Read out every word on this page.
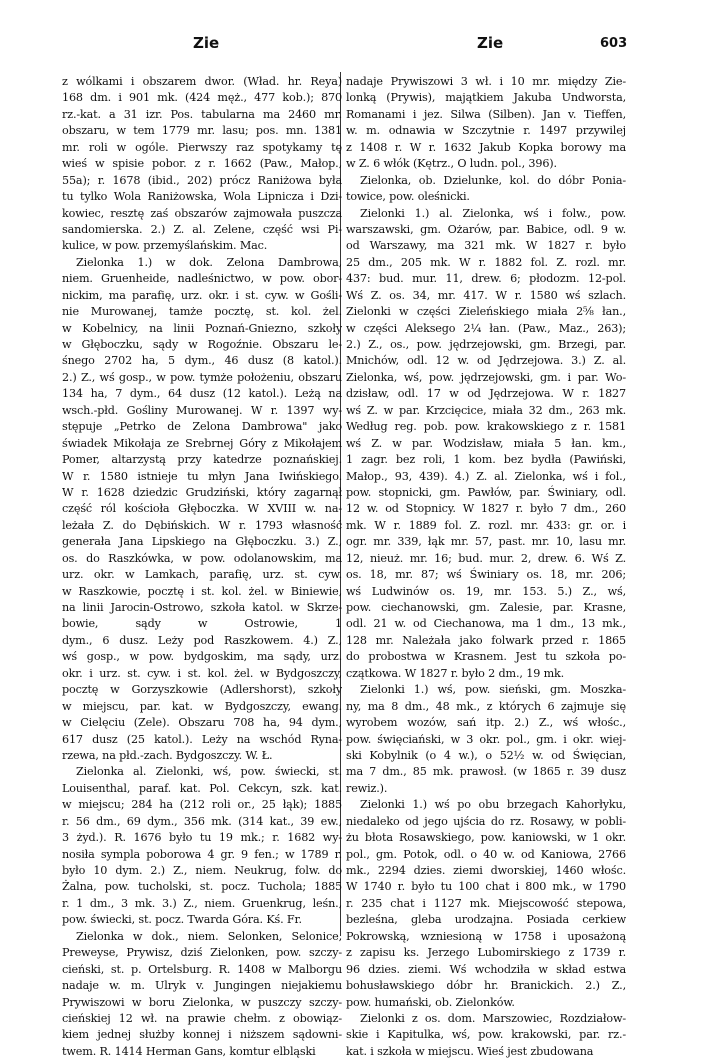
Zie	Zie	603
z wólkami i obszarem dwor. (Wład. hr. Reya)
168 dm. i 901 mk. (424 męż., 477 kob.); 870
rz.-kat. a 31 izr. Pos. tabularna ma 2460 mr.
obszaru, w tem 1779 mr. lasu; pos. mn. 1381
mr. roli w ogóle. Pierwszy raz spotykamy tę
wieś w spisie pobor. z r. 1662 (Paw., Małop.,
55a); r. 1678 (ibid., 202) prócz Raniżowa była
tu tylko Wola Raniżowska, Wola Lipnicza i Dzi-
kowiec, resztę zaś obszarów zajmowała puszcza
sandomierska. 2.) Z. al. Zelene, część wsi Pi-
kulice, w pow. przemyślańskim. Mac.
Zielonka 1.) w dok. Zelona Dambrowa,
niem. Gruenheide, nadleśnictwo, w pow. obor-
nickim, ma parafię, urz. okr. i st. cyw. w Gośli-
nie Murowanej, tamże pocztę, st. kol. żel.
w Kobelnicy, na linii Poznań-Gniezno, szkoły
w Głęboczku, sądy w Rogoźnie. Obszaru le-
śnego 2702 ha, 5 dym., 46 dusz (8 katol.).
2.) Z., wś gosp., w pow. tymże położeniu, obszaru
134 ha, 7 dym., 64 dusz (12 katol.). Leżą na
wsch.-płd. Gośliny Murowanej. W r. 1397 wy-
stępuje „Petrko de Zelona Dambrowa" jako
świadek Mikołaja ze Srebrnej Góry z Mikołajem
Pomer, altarzystą przy katedrze poznańskiej.
W r. 1580 istnieje tu młyn Jana Iwińskiego.
W r. 1628 dziedzic Grudziński, który zagarnął
część ról kościoła Głęboczka. W XVIII w. na-
leżała Z. do Dębińskich. W r. 1793 własność
generała Jana Lipskiego na Głęboczku. 3.) Z.,
os. do Raszkówka, w pow. odolanowskim, ma
urz. okr. w Lamkach, parafię, urz. st. cyw.
w Raszkowie, pocztę i st. kol. żel. w Biniewie,
na linii Jarocin-Ostrowo, szkoła katol. w Skrze-
bowie, sądy w Ostrowie, 1
dym., 6 dusz. Leży pod Raszkowem. 4.) Z.,
wś gosp., w pow. bydgoskim, ma sądy, urz.
okr. i urz. st. cyw. i st. kol. żel. w Bydgoszczy,
pocztę w Gorzyszkowie (Adlershorst), szkoły
w miejscu, par. kat. w Bydgoszczy, ewang.
w Cielęciu (Zele). Obszaru 708 ha, 94 dym.,
617 dusz (25 katol.). Leży na wschód Ryna-
rzewa, na płd.-zach. Bydgoszczy. W. Ł.
Zielonka al. Zielonki, wś, pow. świecki, st.
Louisenthal, paraf. kat. Pol. Cekcyn, szk. kat.
w miejscu; 284 ha (212 roli or., 25 łąk); 1885
r. 56 dm., 69 dym., 356 mk. (314 kat., 39 ew.,
3 żyd.). R. 1676 było tu 19 mk.; r. 1682 wy-
nosiła sympla poborowa 4 gr. 9 fen.; w 1789 r.
było 10 dym. 2.) Z., niem. Neukrug, folw. do
Żalna, pow. tucholski, st. pocz. Tuchola; 1885
r. 1 dm., 3 mk. 3.) Z., niem. Gruenkrug, leśn.,
pow. świecki, st. pocz. Twarda Góra. Kś. Fr.
Zielonka w dok., niem. Selonken, Selonice,
Preweyse, Prywisz, dziś Zielonken, pow. szczy-
cieński, st. p. Ortelsburg. R. 1408 w Malborgu
nadaje w. m. Ulryk v. Jungingen niejakiemu
Prywiszowi w boru Zielonka, w puszczy szczy-
cieńskiej 12 wł. na prawie chełm. z obowiąz-
kiem jednej służby konnej i niższem sądowni-
twem. R. 1414 Herman Gans, komtur elbląski
nadaje Prywiszowi 3 wł. i 10 mr. między Zie-
lonką (Prywis), majątkiem Jakuba Undworsta,
Romanami i jez. Silwa (Silben). Jan v. Tieffen,
w. m. odnawia w Szczytnie r. 1497 przywilej
z 1408 r. W r. 1632 Jakub Kopka borowy ma
w Z. 6 włók (Kętrz., O ludn. pol., 396).
Zielonka, ob. Dzielunke, kol. do dóbr Ponia-
towice, pow. oleśnicki.
Zielonki 1.) al. Zielonka, wś i folw., pow.
warszawski, gm. Ożarów, par. Babice, odl. 9 w.
od Warszawy, ma 321 mk. W 1827 r. było
25 dm., 205 mk. W r. 1882 fol. Z. rozl. mr.
437: bud. mur. 11, drew. 6; płodozm. 12-pol.
Wś Z. os. 34, mr. 417. W r. 1580 wś szlach.
Zielonki w części Zieleńskiego miała 2⅝ łan.,
w części Aleksego 2¼ łan. (Paw., Maz., 263);
2.) Z., os., pow. jędrzejowski, gm. Brzegi, par.
Mnichów, odl. 12 w. od Jędrzejowa. 3.) Z. al.
Zielonka, wś, pow. jędrzejowski, gm. i par. Wo-
dzisław, odl. 17 w od Jędrzejowa. W r. 1827
wś Z. w par. Krzcięcice, miała 32 dm., 263 mk.
Według reg. pob. pow. krakowskiego z r. 1581
wś Z. w par. Wodzisław, miała 5 łan. km.,
1 zagr. bez roli, 1 kom. bez bydła (Pawiński,
Małop., 93, 439). 4.) Z. al. Zielonka, wś i fol.,
pow. stopnicki, gm. Pawłów, par. Świniary, odl.
12 w. od Stopnicy. W 1827 r. było 7 dm., 260
mk. W r. 1889 fol. Z. rozl. mr. 433: gr. or. i
ogr. mr. 339, łąk mr. 57, past. mr. 10, lasu mr.
12, nieuż. mr. 16; bud. mur. 2, drew. 6. Wś Z.
os. 18, mr. 87; wś Świniary os. 18, mr. 206;
wś Ludwinów os. 19, mr. 153. 5.) Z., wś,
pow. ciechanowski, gm. Zalesie, par. Krasne,
odl. 21 w. od Ciechanowa, ma 1 dm., 13 mk.,
128 mr. Należała jako folwark przed r. 1865
do probostwa w Krasnem. Jest tu szkoła po-
czątkowa. W 1827 r. było 2 dm., 19 mk.
Zielonki 1.) wś, pow. sieński, gm. Moszka-
ny, ma 8 dm., 48 mk., z których 6 zajmuje się
wyrobem wozów, sań itp. 2.) Z., wś włośc.,
pow. święciański, w 3 okr. pol., gm. i okr. wiej-
ski Kobylnik (o 4 w.), o 52½ w. od Święcian,
ma 7 dm., 85 mk. prawosł. (w 1865 r. 39 dusz
rewiz.).
Zielonki 1.) wś po obu brzegach Kahorłyku,
niedaleko od jego ujścia do rz. Rosawy, w pobli-
żu błota Rosawskiego, pow. kaniowski, w 1 okr.
pol., gm. Potok, odl. o 40 w. od Kaniowa, 2766
mk., 2294 dzies. ziemi dworskiej, 1460 włośc.
W 1740 r. było tu 100 chat i 800 mk., w 1790
r. 235 chat i 1127 mk. Miejscowość stepowa,
bezleśna, gleba urodzajna. Posiada cerkiew
Pokrowską, wzniesioną w 1758 i uposażoną
z zapisu ks. Jerzego Lubomirskiego z 1739 r.
96 dzies. ziemi. Wś wchodziła w skład estwa
bohusławskiego dóbr hr. Branickich. 2.) Z.,
pow. humański, ob. Zielonków.
Zielonki z os. dom. Marszowiec, Rozdziałow-
skie i Kapitulka, wś, pow. krakowski, par. rz.-
kat. i szkoła w miejscu. Wieś jest zbudowana
